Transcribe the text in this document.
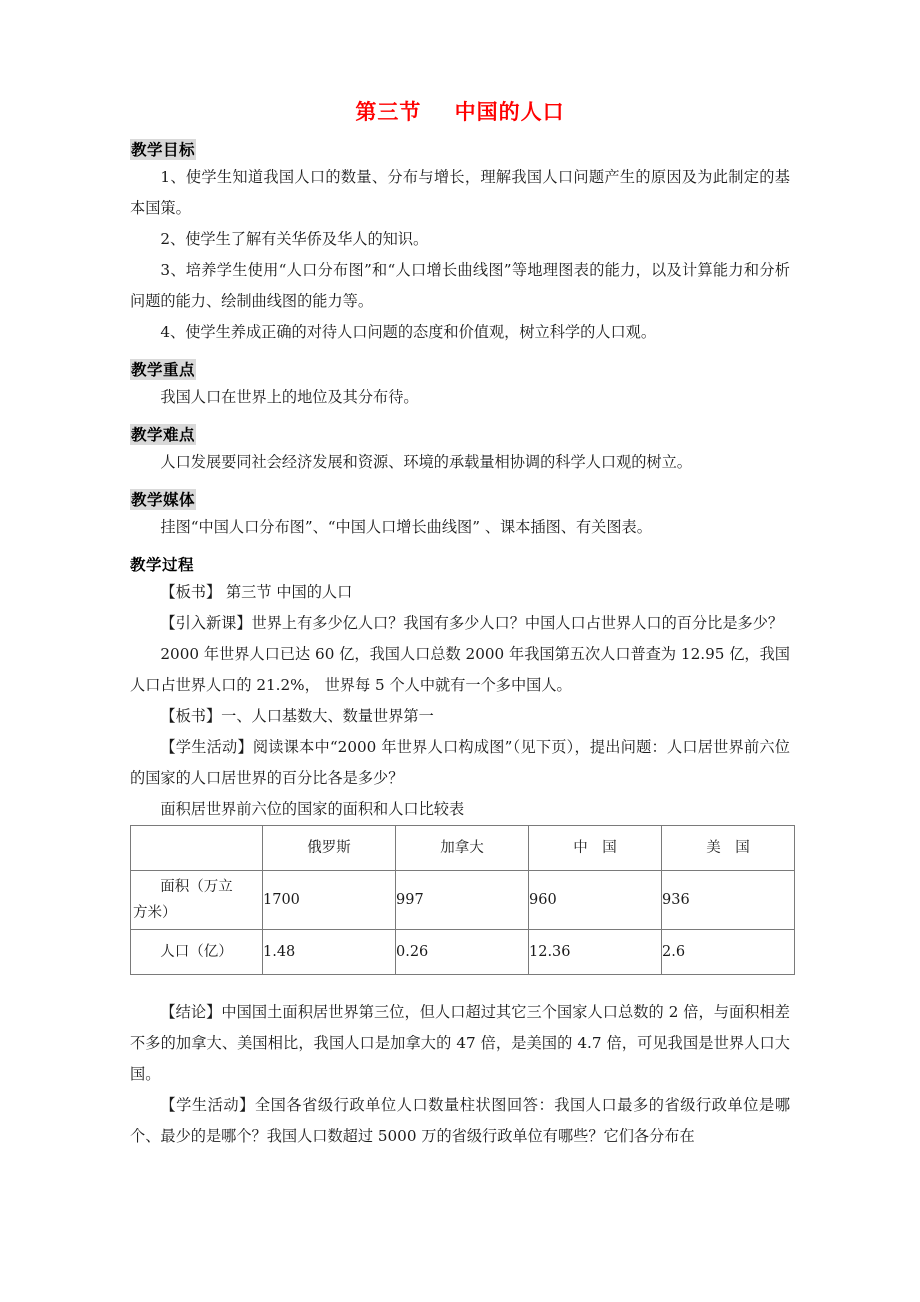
第三节    中国的人口
教学目标

1、使学生知道我国人口的数量、分布与增长，理解我国人口问题产生的原因及为此制定的基本国策。

2、使学生了解有关华侨及华人的知识。

3、培养学生使用“人口分布图”和“人口增长曲线图”等地理图表的能力，以及计算能力和分析问题的能力、绘制曲线图的能力等。

4、使学生养成正确的对待人口问题的态度和价值观，树立科学的人口观。

教学重点

我国人口在世界上的地位及其分布待。

教学难点

人口发展要同社会经济发展和资源、环境的承载量相协调的科学人口观的树立。

教学媒体

挂图“中国人口分布图”、“中国人口增长曲线图” 、课本插图、有关图表。

教学过程

【板书】 第三节 中国的人口

【引入新课】世界上有多少亿人口？我国有多少人口？中国人口占世界人口的百分比是多少？

2000 年世界人口已达 60 亿，我国人口总数 2000 年我国第五次人口普查为 12.95 亿，我国人口占世界人口的 21.2%， 世界每 5 个人中就有一个多中国人。

【板书】一、人口基数大、数量世界第一

【学生活动】阅读课本中“2000 年世界人口构成图”（见下页），提出问题：人口居世界前六位的国家的人口居世界的百分比各是多少？

面积居世界前六位的国家的面积和人口比较表

	俄罗斯	加拿大	中　国	美　国

面积（万立
方米）	1700	997	960	936

人口（亿）	1.48	0.26	12.36	2.6

【结论】中国国土面积居世界第三位，但人口超过其它三个国家人口总数的 2 倍，与面积相差不多的加拿大、美国相比，我国人口是加拿大的 47 倍，是美国的 4.7 倍，可见我国是世界人口大国。

【学生活动】全国各省级行政单位人口数量柱状图回答：我国人口最多的省级行政单位是哪个、最少的是哪个？我国人口数超过 5000 万的省级行政单位有哪些？它们各分布在
